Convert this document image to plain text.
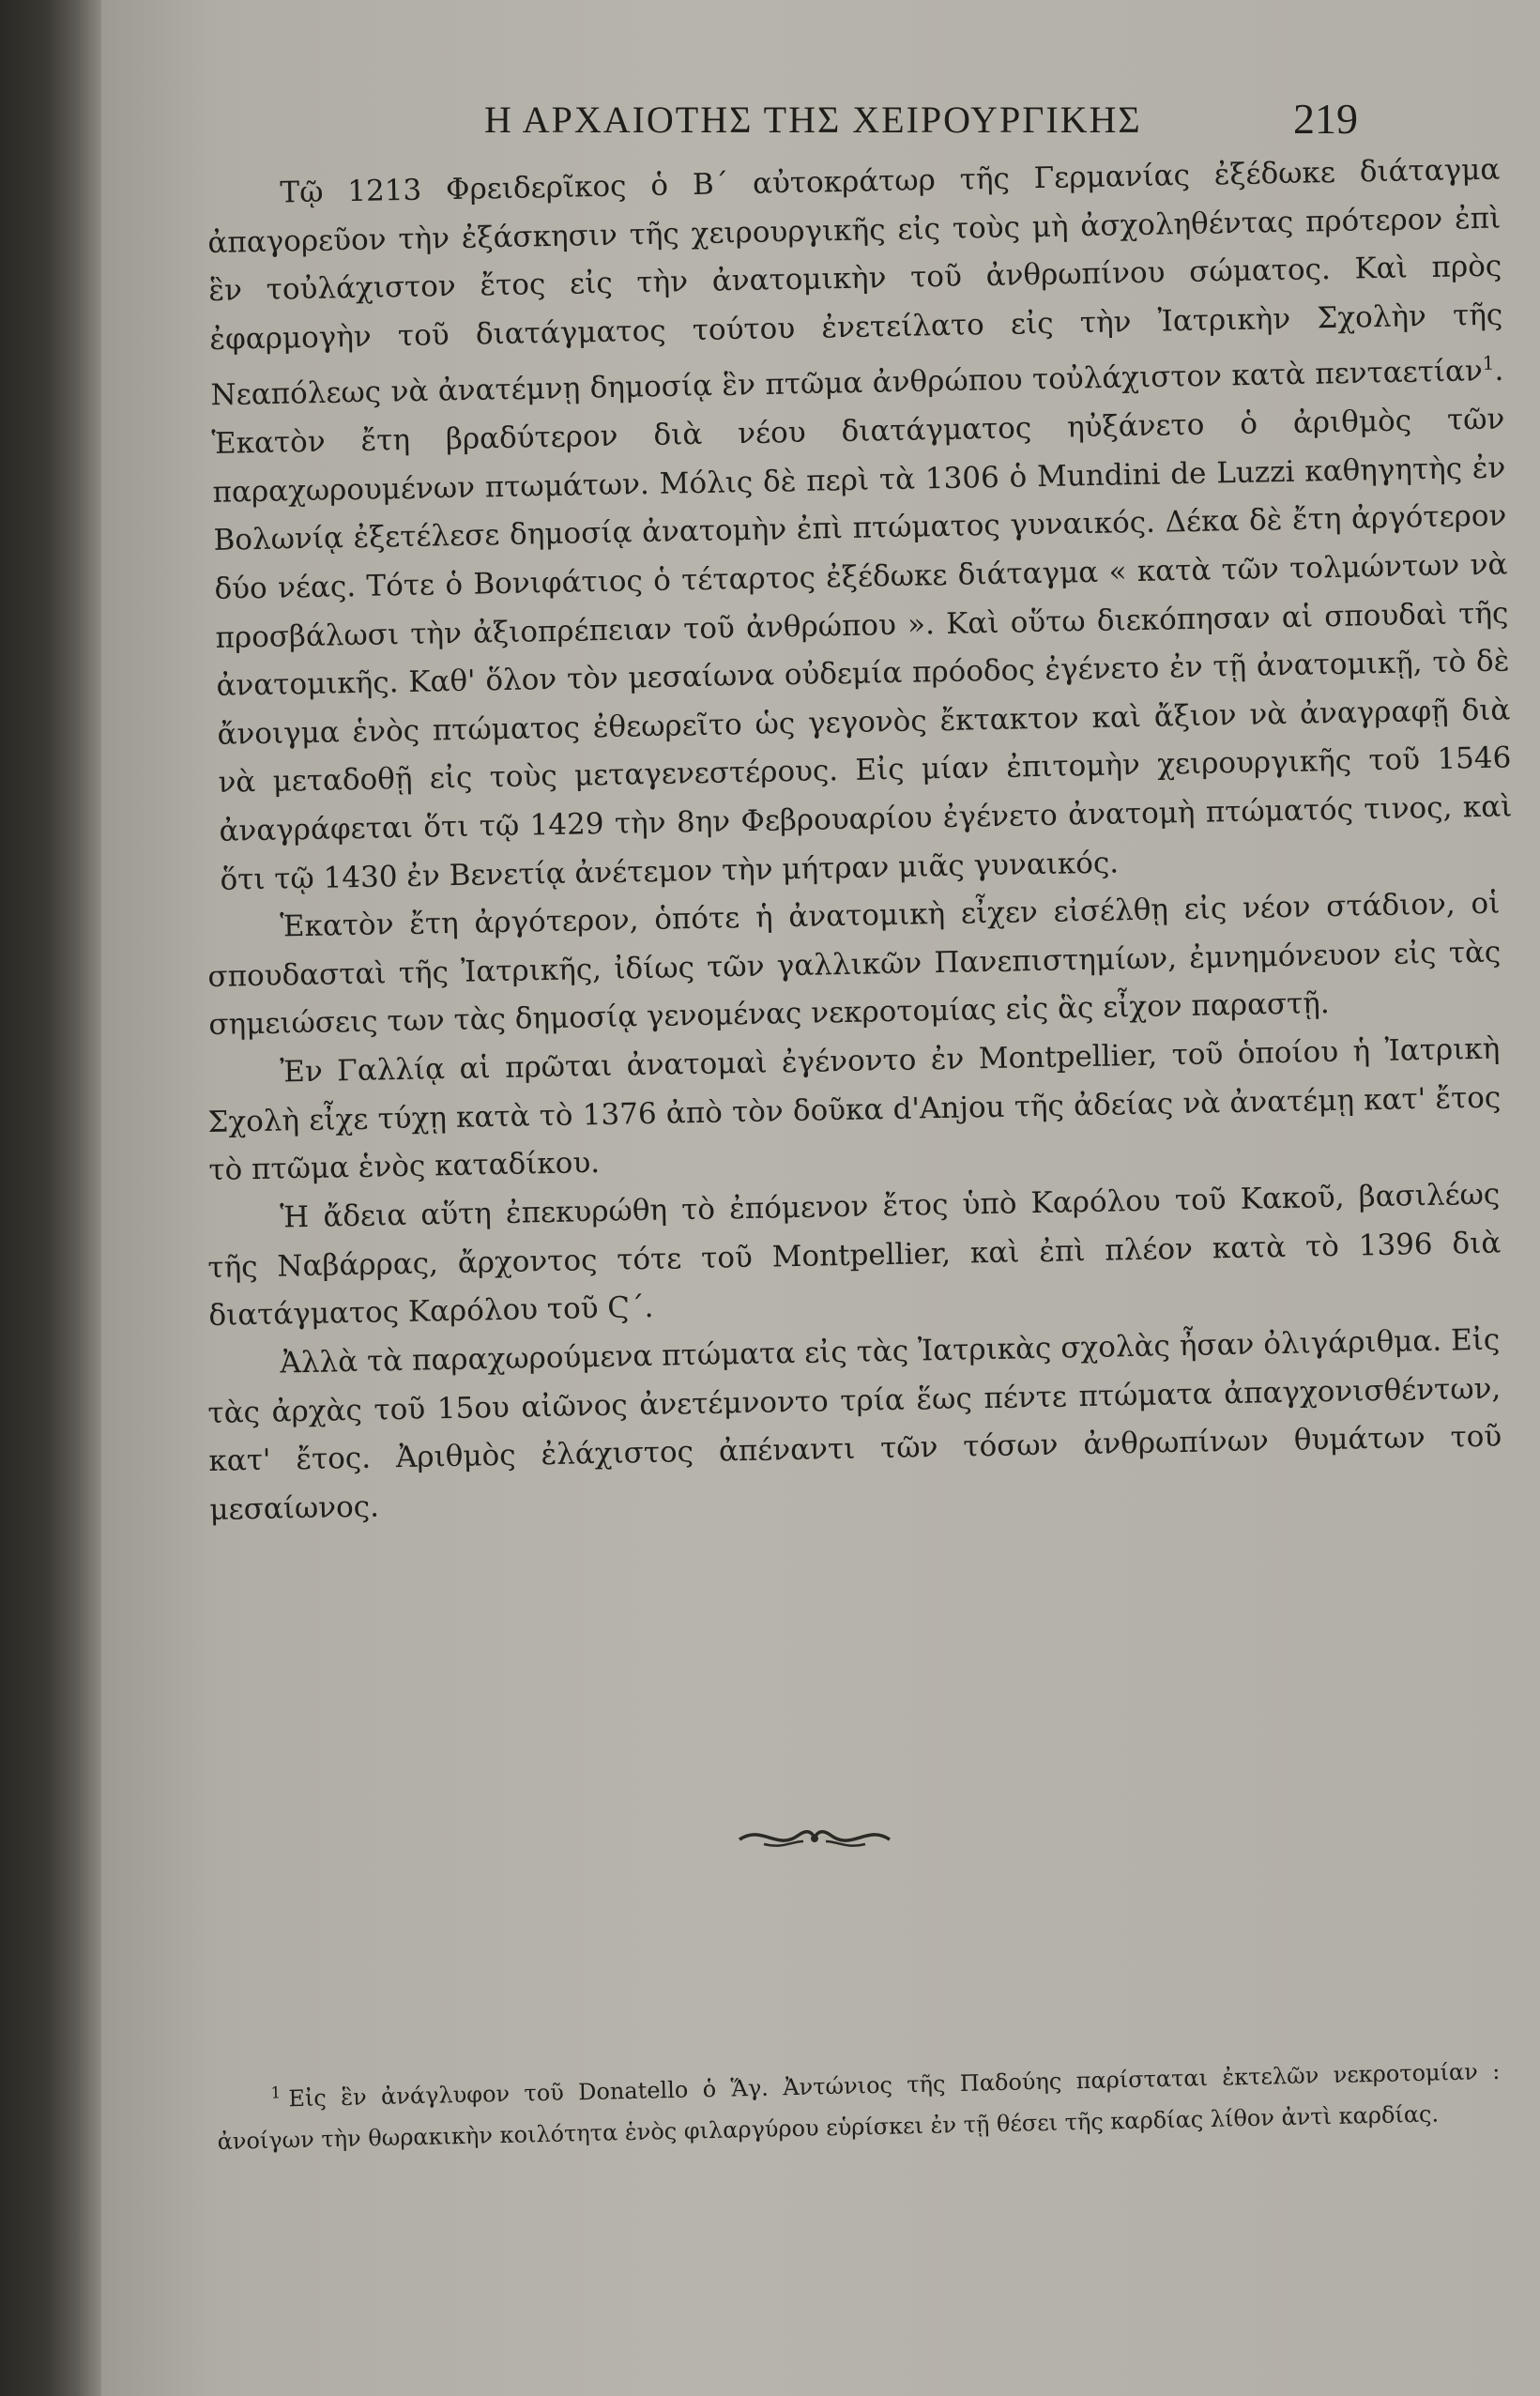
Η ΑΡΧΑΙΟΤΗΣ ΤΗΣ ΧΕΙΡΟΥΡΓΙΚΗΣ	219

Τῷ 1213 Φρειδερῖκος ὁ Β΄ αὐτοκράτωρ τῆς Γερμανίας ἐξέδωκε διάταγμα ἀπαγορεῦον τὴν ἐξάσκησιν τῆς χειρουργικῆς εἰς τοὺς μὴ ἀσχοληθέντας πρότερον ἐπὶ ἓν τοὐλάχιστον ἔτος εἰς τὴν ἀνατομικὴν τοῦ ἀνθρωπίνου σώματος. Καὶ πρὸς ἐφαρμογὴν τοῦ διατάγματος τούτου ἐνετείλατο εἰς τὴν Ἰατρικὴν Σχολὴν τῆς Νεαπόλεως νὰ ἀνατέμνῃ δημοσίᾳ ἓν πτῶμα ἀνθρώπου τοὐλάχιστον κατὰ πενταετίαν$^1$. Ἑκατὸν ἔτη βραδύτερον διὰ νέου διατάγματος ηὐξάνετο ὁ ἀριθμὸς τῶν παραχωρουμένων πτωμάτων. Μόλις δὲ περὶ τὰ 1306 ὁ Mundini de Luzzi καθηγητὴς ἐν Βολωνίᾳ ἐξετέλεσε δημοσίᾳ ἀνατομὴν ἐπὶ πτώματος γυναικός. Δέκα δὲ ἔτη ἀργότερον δύο νέας. Τότε ὁ Βονιφάτιος ὁ τέταρτος ἐξέδωκε διάταγμα « κατὰ τῶν τολμώντων νὰ προσβάλωσι τὴν ἀξιοπρέπειαν τοῦ ἀνθρώπου ». Καὶ οὕτω διεκόπησαν αἱ σπουδαὶ τῆς ἀνατομικῆς. Καθ' ὅλον τὸν μεσαίωνα οὐδεμία πρόοδος ἐγένετο ἐν τῇ ἀνατομικῇ, τὸ δὲ ἄνοιγμα ἑνὸς πτώματος ἐθεωρεῖτο ὡς γεγονὸς ἔκτακτον καὶ ἄξιον νὰ ἀναγραφῇ διὰ νὰ μεταδοθῇ εἰς τοὺς μεταγενεστέρους. Εἰς μίαν ἐπιτομὴν χειρουργικῆς τοῦ 1546 ἀναγράφεται ὅτι τῷ 1429 τὴν 8ην Φεβρουαρίου ἐγένετο ἀνατομὴ πτώματός τινος, καὶ ὅτι τῷ 1430 ἐν Βενετίᾳ ἀνέτεμον τὴν μήτραν μιᾶς γυναικός.

Ἑκατὸν ἔτη ἀργότερον, ὁπότε ἡ ἀνατομικὴ εἶχεν εἰσέλθῃ εἰς νέον στάδιον, οἱ σπουδασταὶ τῆς Ἰατρικῆς, ἰδίως τῶν γαλλικῶν Πανεπιστημίων, ἐμνημόνευον εἰς τὰς σημειώσεις των τὰς δημοσίᾳ γενομένας νεκροτομίας εἰς ἃς εἶχον παραστῇ.

Ἐν Γαλλίᾳ αἱ πρῶται ἀνατομαὶ ἐγένοντο ἐν Montpellier, τοῦ ὁποίου ἡ Ἰατρικὴ Σχολὴ εἶχε τύχῃ κατὰ τὸ 1376 ἀπὸ τὸν δοῦκα d'Anjou τῆς ἀδείας νὰ ἀνατέμῃ κατ' ἔτος τὸ πτῶμα ἑνὸς καταδίκου.

Ἡ ἄδεια αὕτη ἐπεκυρώθη τὸ ἐπόμενον ἔτος ὑπὸ Καρόλου τοῦ Κακοῦ, βασιλέως τῆς Ναβάρρας, ἄρχοντος τότε τοῦ Montpellier, καὶ ἐπὶ πλέον κατὰ τὸ 1396 διὰ διατάγματος Καρόλου τοῦ Ϛ΄.

Ἀλλὰ τὰ παραχωρούμενα πτώματα εἰς τὰς Ἰατρικὰς σχολὰς ἦσαν ὀλιγάριθμα. Εἰς τὰς ἀρχὰς τοῦ 15ου αἰῶνος ἀνετέμνοντο τρία ἕως πέντε πτώματα ἀπαγχονισθέντων, κατ' ἔτος. Ἀριθμὸς ἐλάχιστος ἀπέναντι τῶν τόσων ἀνθρωπίνων θυμάτων τοῦ μεσαίωνος.

$^1$ Εἰς ἓν ἀνάγλυφον τοῦ Donatello ὁ Ἅγ. Ἀντώνιος τῆς Παδούης παρίσταται ἐκτελῶν νεκροτομίαν : ἀνοίγων τὴν θωρακικὴν κοιλότητα ἑνὸς φιλαργύρου εὑρίσκει ἐν τῇ θέσει τῆς καρδίας λίθον ἀντὶ καρδίας.
